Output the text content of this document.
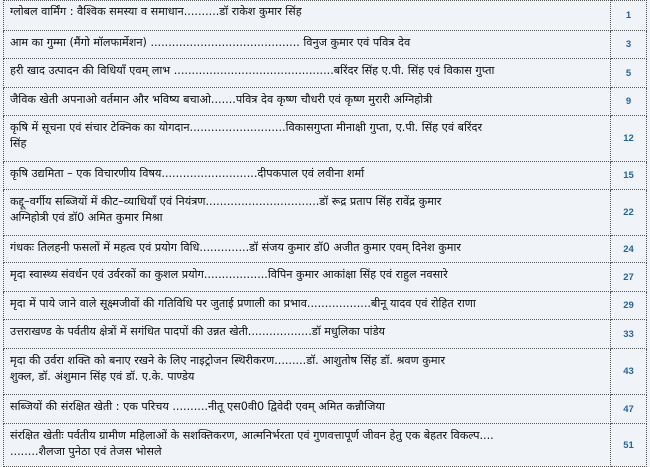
ग्लोबल वार्मिंग : वैश्विक समस्या व समाधान..........डॉ राकेश कुमार सिंह	1
आम का गुम्मा (मैंगो मॉलफार्मेशन) .......................................... विनुज कुमार एवं पवित्र देव	3
हरी खाद उत्पादन की विधियाँ एवम् लाभ .............................................बरिंदर सिंह ए.पी. सिंह एवं विकास गुप्ता	5
जैविक खेती अपनाओ वर्तमान और भविष्य बचाओ.......पवित्र देव कृष्ण चौधरी एवं कृष्ण मुरारी अग्निहोत्री	9
कृषि में सूचना एवं संचार टेक्निक का योगदान...........................विकासगुप्ता मीनाक्षी गुप्ता, ए.पी. सिंह एवं बरिंदर
सिंह	12
कृषि उद्यमिता – एक विचारणीय विषय...........................दीपकपाल एवं लवीना शर्मा	15
कद्दू–वर्गीय सब्जियों में कीट–व्याधियाँ एवं नियंत्रण................................डॉ रूद्र प्रताप सिंह रावेंद्र कुमार
अग्निहोत्री एवं डॉ0 अमित कुमार मिश्रा	22
गंधकः तिलहनी फसलों में महत्व एवं प्रयोग विधि..............डॉ संजय कुमार डॉ0 अजीत कुमार एवम् दिनेश कुमार	24
मृदा स्वास्थ्य संवर्धन एवं उर्वरकों का कुशल प्रयोग..................विपिन कुमार आकांक्षा सिंह एवं राहुल नवसारे	27
मृदा में पाये जाने वाले सूक्ष्मजीवों की गतिविधि पर जुताई प्रणाली का प्रभाव..................बीनू यादव एवं रोहित राणा	29
उत्तराखण्ड के पर्वतीय क्षेत्रों में सगंधित पादपों की उन्नत खेती..................डॉ मधुलिका पांडेय	33
मृदा की उर्वरा शक्ति को बनाए रखने के लिए नाइट्रोजन स्थिरीकरण.........डॉ. आशुतोष सिंह डॉ. श्रवण कुमार
शुक्ल, डॉ. अंशुमान सिंह एवं डॉ. ए.के. पाण्डेय	43
सब्जियों की संरक्षित खेती : एक परिचय ..........नीतू एस0वी0 द्विवेदी एवम् अमित कन्नौजिया	47
संरक्षित खेतीः पर्वतीय ग्रामीण महिलाओं के सशक्तिकरण, आत्मनिर्भरता एवं गुणवत्तापूर्ण जीवन हेतु एक बेहतर विकल्प....
........शैलजा पुनेठा एवं तेजस भोसले	51
